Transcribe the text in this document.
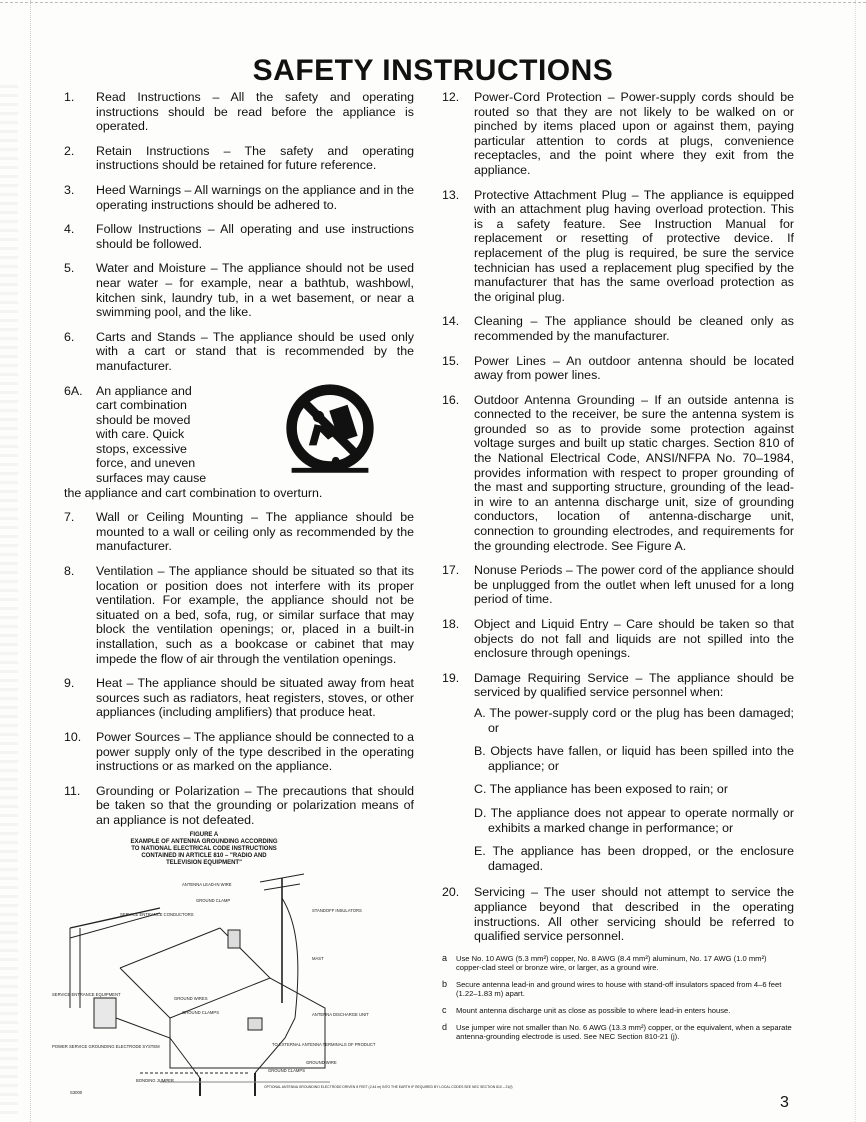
SAFETY INSTRUCTIONS
1.	Read Instructions – All the safety and operating instructions should be read before the appliance is operated.
2.	Retain Instructions – The safety and operating instructions should be retained for future reference.
3.	Heed Warnings – All warnings on the appliance and in the operating instructions should be adhered to.
4.	Follow Instructions – All operating and use instructions should be followed.
5.	Water and Moisture – The appliance should not be used near water – for example, near a bathtub, washbowl, kitchen sink, laundry tub, in a wet basement, or near a swimming pool, and the like.
6.	Carts and Stands – The appliance should be used only with a cart or stand that is recommended by the manufacturer.
6A.	An appliance and
cart combination
should be moved
with care. Quick
stops, excessive
force, and uneven
surfaces may cause
the appliance and cart combination to overturn.
7.	Wall or Ceiling Mounting – The appliance should be mounted to a wall or ceiling only as recommended by the manufacturer.
8.	Ventilation – The appliance should be situated so that its location or position does not interfere with its proper ventilation. For example, the appliance should not be situated on a bed, sofa, rug, or similar surface that may block the ventilation openings; or, placed in a built-in installation, such as a bookcase or cabinet that may impede the flow of air through the ventilation openings.
9.	Heat – The appliance should be situated away from heat sources such as radiators, heat registers, stoves, or other appliances (including amplifiers) that produce heat.
10.	Power Sources – The appliance should be connected to a power supply only of the type described in the operating instructions or as marked on the appliance.
11.	Grounding or Polarization – The precautions that should be taken so that the grounding or polarization means of an appliance is not defeated.
FIGURE A
EXAMPLE OF ANTENNA GROUNDING ACCORDING
TO NATIONAL ELECTRICAL CODE INSTRUCTIONS
CONTAINED IN ARTICLE 810 – "RADIO AND
TELEVISION EQUIPMENT"
ANTENNA LEAD-IN WIRE
SERVICE ENTRANCE CONDUCTORS
GROUND CLAMP
STANDOFF INSULATORS
MAST
SERVICE ENTRANCE EQUIPMENT
GROUND WIRES
ANTENNA DISCHARGE UNIT
GROUND CLAMPS
TO EXTERNAL ANTENNA TERMINALS OF PRODUCT
POWER SERVICE GROUNDING ELECTRODE SYSTEM
GROUND WIRE
GROUND CLAMPS
BONDING JUMPER
OPTIONAL ANTENNA GROUNDING ELECTRODE DRIVEN 8 FEET (2.44 m) INTO THE EARTH IF REQUIRED BY LOCAL CODES SEE NEC SECTION 810 – 21(f)
S3000
12.	Power-Cord Protection – Power-supply cords should be routed so that they are not likely to be walked on or pinched by items placed upon or against them, paying particular attention to cords at plugs, convenience receptacles, and the point where they exit from the appliance.
13.	Protective Attachment Plug – The appliance is equipped with an attachment plug having overload protection. This is a safety feature. See Instruction Manual for replacement or resetting of protective device. If replacement of the plug is required, be sure the service technician has used a replacement plug specified by the manufacturer that has the same overload protection as the original plug.
14.	Cleaning – The appliance should be cleaned only as recommended by the manufacturer.
15.	Power Lines – An outdoor antenna should be located away from power lines.
16.	Outdoor Antenna Grounding – If an outside antenna is connected to the receiver, be sure the antenna system is grounded so as to provide some protection against voltage surges and built up static charges. Section 810 of the National Electrical Code, ANSI/NFPA No. 70–1984, provides information with respect to proper grounding of the mast and supporting structure, grounding of the lead-in wire to an antenna discharge unit, size of grounding conductors, location of antenna-discharge unit, connection to grounding electrodes, and requirements for the grounding electrode. See Figure A.
17.	Nonuse Periods – The power cord of the appliance should be unplugged from the outlet when left unused for a long period of time.
18.	Object and Liquid Entry – Care should be taken so that objects do not fall and liquids are not spilled into the enclosure through openings.
19.	Damage Requiring Service – The appliance should be serviced by qualified service personnel when:
A. The power-supply cord or the plug has been damaged; or
B. Objects have fallen, or liquid has been spilled into the appliance; or
C. The appliance has been exposed to rain; or
D. The appliance does not appear to operate normally or exhibits a marked change in performance; or
E. The appliance has been dropped, or the enclosure damaged.
20.	Servicing – The user should not attempt to service the appliance beyond that described in the operating instructions. All other servicing should be referred to qualified service personnel.
a	Use No. 10 AWG (5.3 mm²) copper, No. 8 AWG (8.4 mm²) aluminum, No. 17 AWG (1.0 mm²) copper-clad steel or bronze wire, or larger, as a ground wire.
b	Secure antenna lead-in and ground wires to house with stand-off insulators spaced from 4–6 feet (1.22–1.83 m) apart.
c	Mount antenna discharge unit as close as possible to where lead-in enters house.
d	Use jumper wire not smaller than No. 6 AWG (13.3 mm²) copper, or the equivalent, when a separate antenna-grounding electrode is used. See NEC Section 810-21 (j).
3
